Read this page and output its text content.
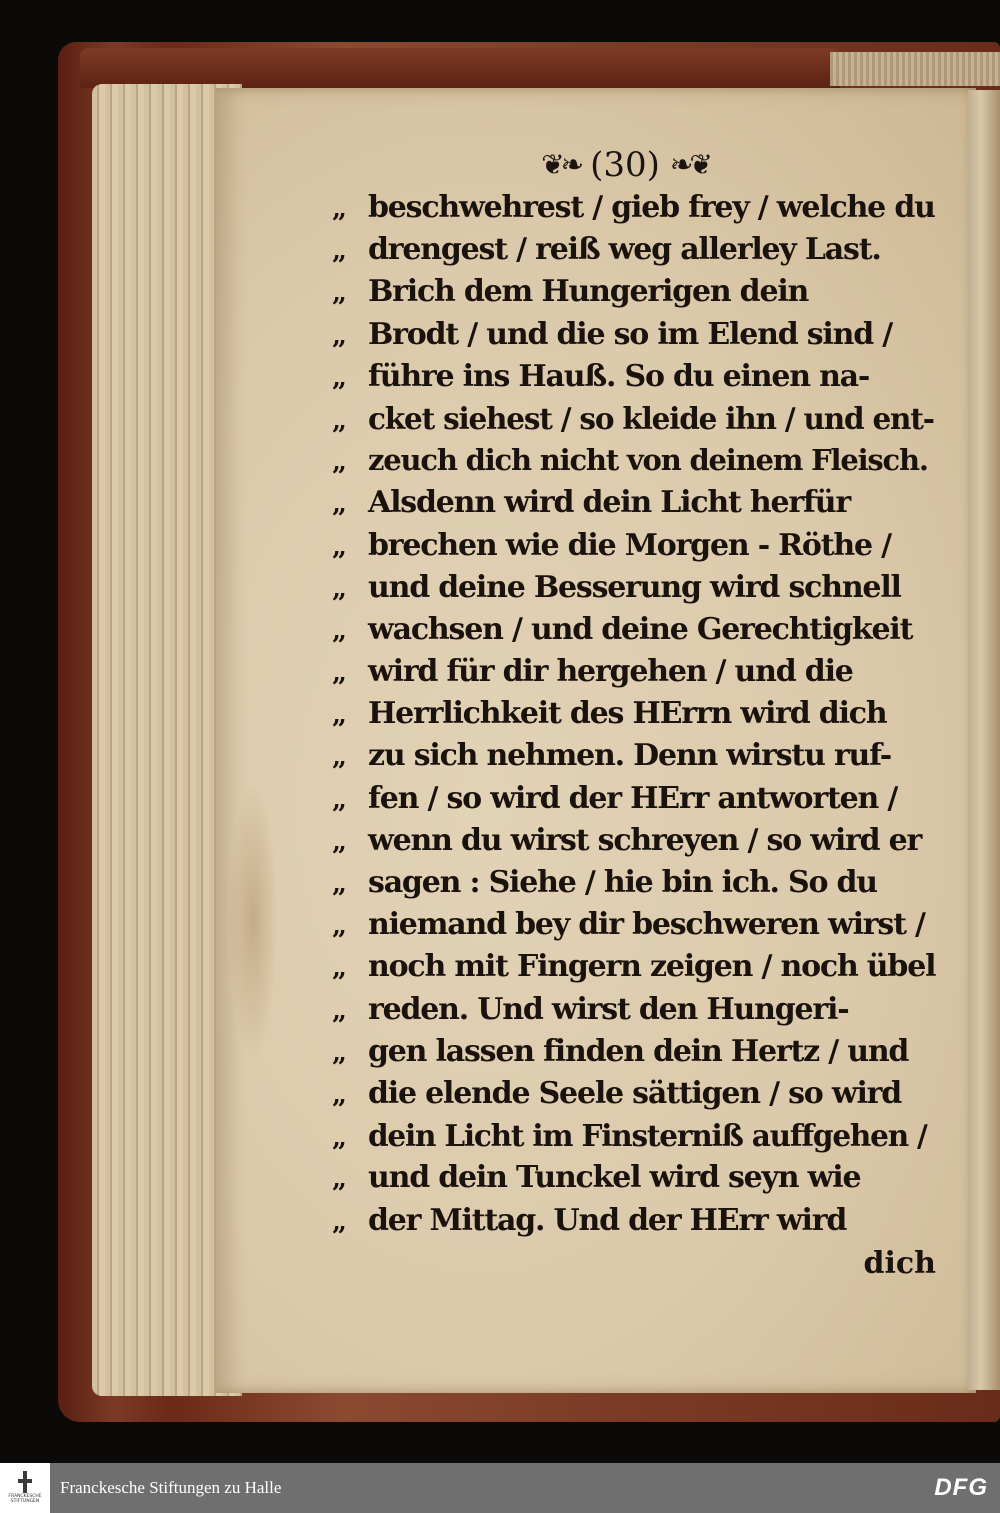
❦❧ (30) ❧❦
„ beschwehrest / gieb frey / welche du
„ drengest / reiß weg allerley Last.
„ Brich dem Hungerigen dein
„ Brodt / und die so im Elend sind /
„ führe ins Hauß. So du einen na-
„ cket siehest / so kleide ihn / und ent-
„ zeuch dich nicht von deinem Fleisch.
„ Alsdenn wird dein Licht herfür
„ brechen wie die Morgen - Röthe /
„ und deine Besserung wird schnell
„ wachsen / und deine Gerechtigkeit
„ wird für dir hergehen / und die
„ Herrlichkeit des HErrn wird dich
„ zu sich nehmen. Denn wirstu ruf-
„ fen / so wird der HErr antworten /
„ wenn du wirst schreyen / so wird er
„ sagen : Siehe / hie bin ich. So du
„ niemand bey dir beschweren wirst /
„ noch mit Fingern zeigen / noch übel
„ reden. Und wirst den Hungeri-
„ gen lassen finden dein Hertz / und
„ die elende Seele sättigen / so wird
„ dein Licht im Finsterniß auffgehen /
„ und dein Tunckel wird seyn wie
„ der Mittag. Und der HErr wird
dich
FRANCKESCHE STIFTUNGEN
Franckesche Stiftungen zu Halle	DFG
